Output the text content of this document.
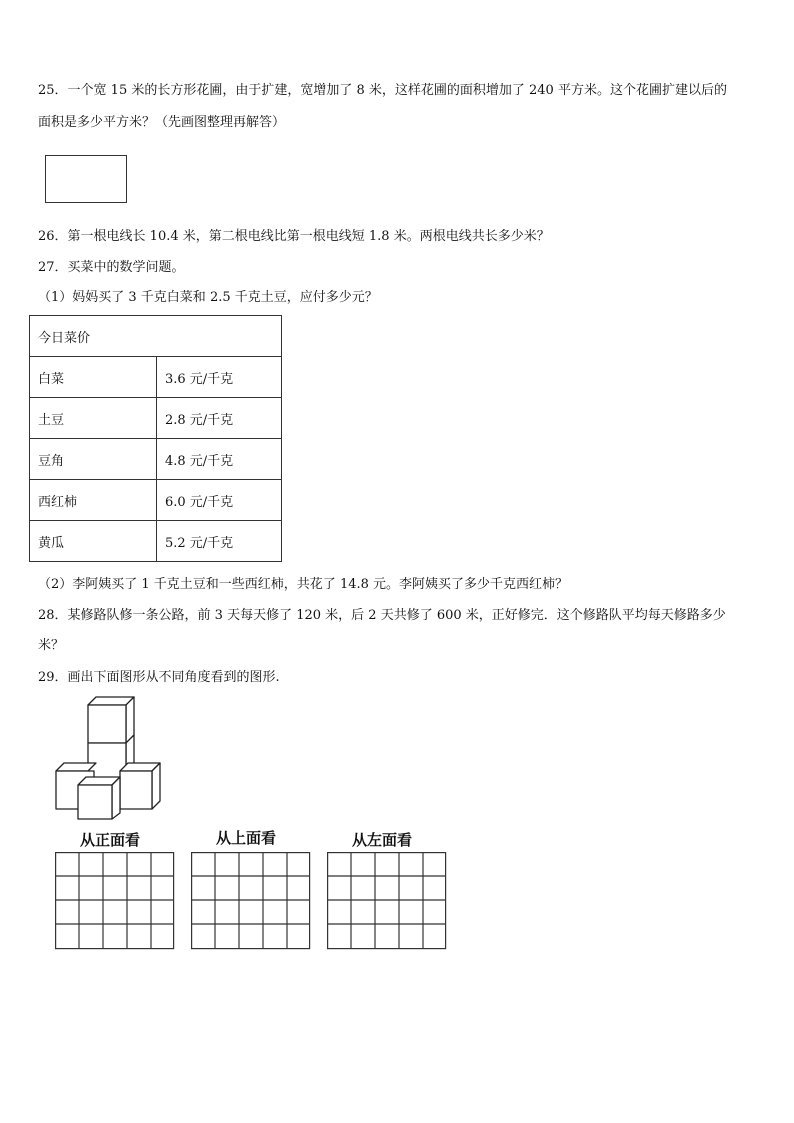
25．一个宽 15 米的长方形花圃，由于扩建，宽增加了 8 米，这样花圃的面积增加了 240 平方米。这个花圃扩建以后的
面积是多少平方米？（先画图整理再解答）
26．第一根电线长 10.4 米，第二根电线比第一根电线短 1.8 米。两根电线共长多少米？
27．买菜中的数学问题。
（1）妈妈买了 3 千克白菜和 2.5 千克土豆，应付多少元？
今日菜价	
白菜	3.6 元/千克
土豆	2.8 元/千克
豆角	4.8 元/千克
西红柿	6.0 元/千克
黄瓜	5.2 元/千克
（2）李阿姨买了 1 千克土豆和一些西红柿，共花了 14.8 元。李阿姨买了多少千克西红柿？
28．某修路队修一条公路，前 3 天每天修了 120 米，后 2 天共修了 600 米，正好修完．这个修路队平均每天修路多少
米？
29．画出下面图形从不同角度看到的图形.
从正面看	从上面看	从左面看
